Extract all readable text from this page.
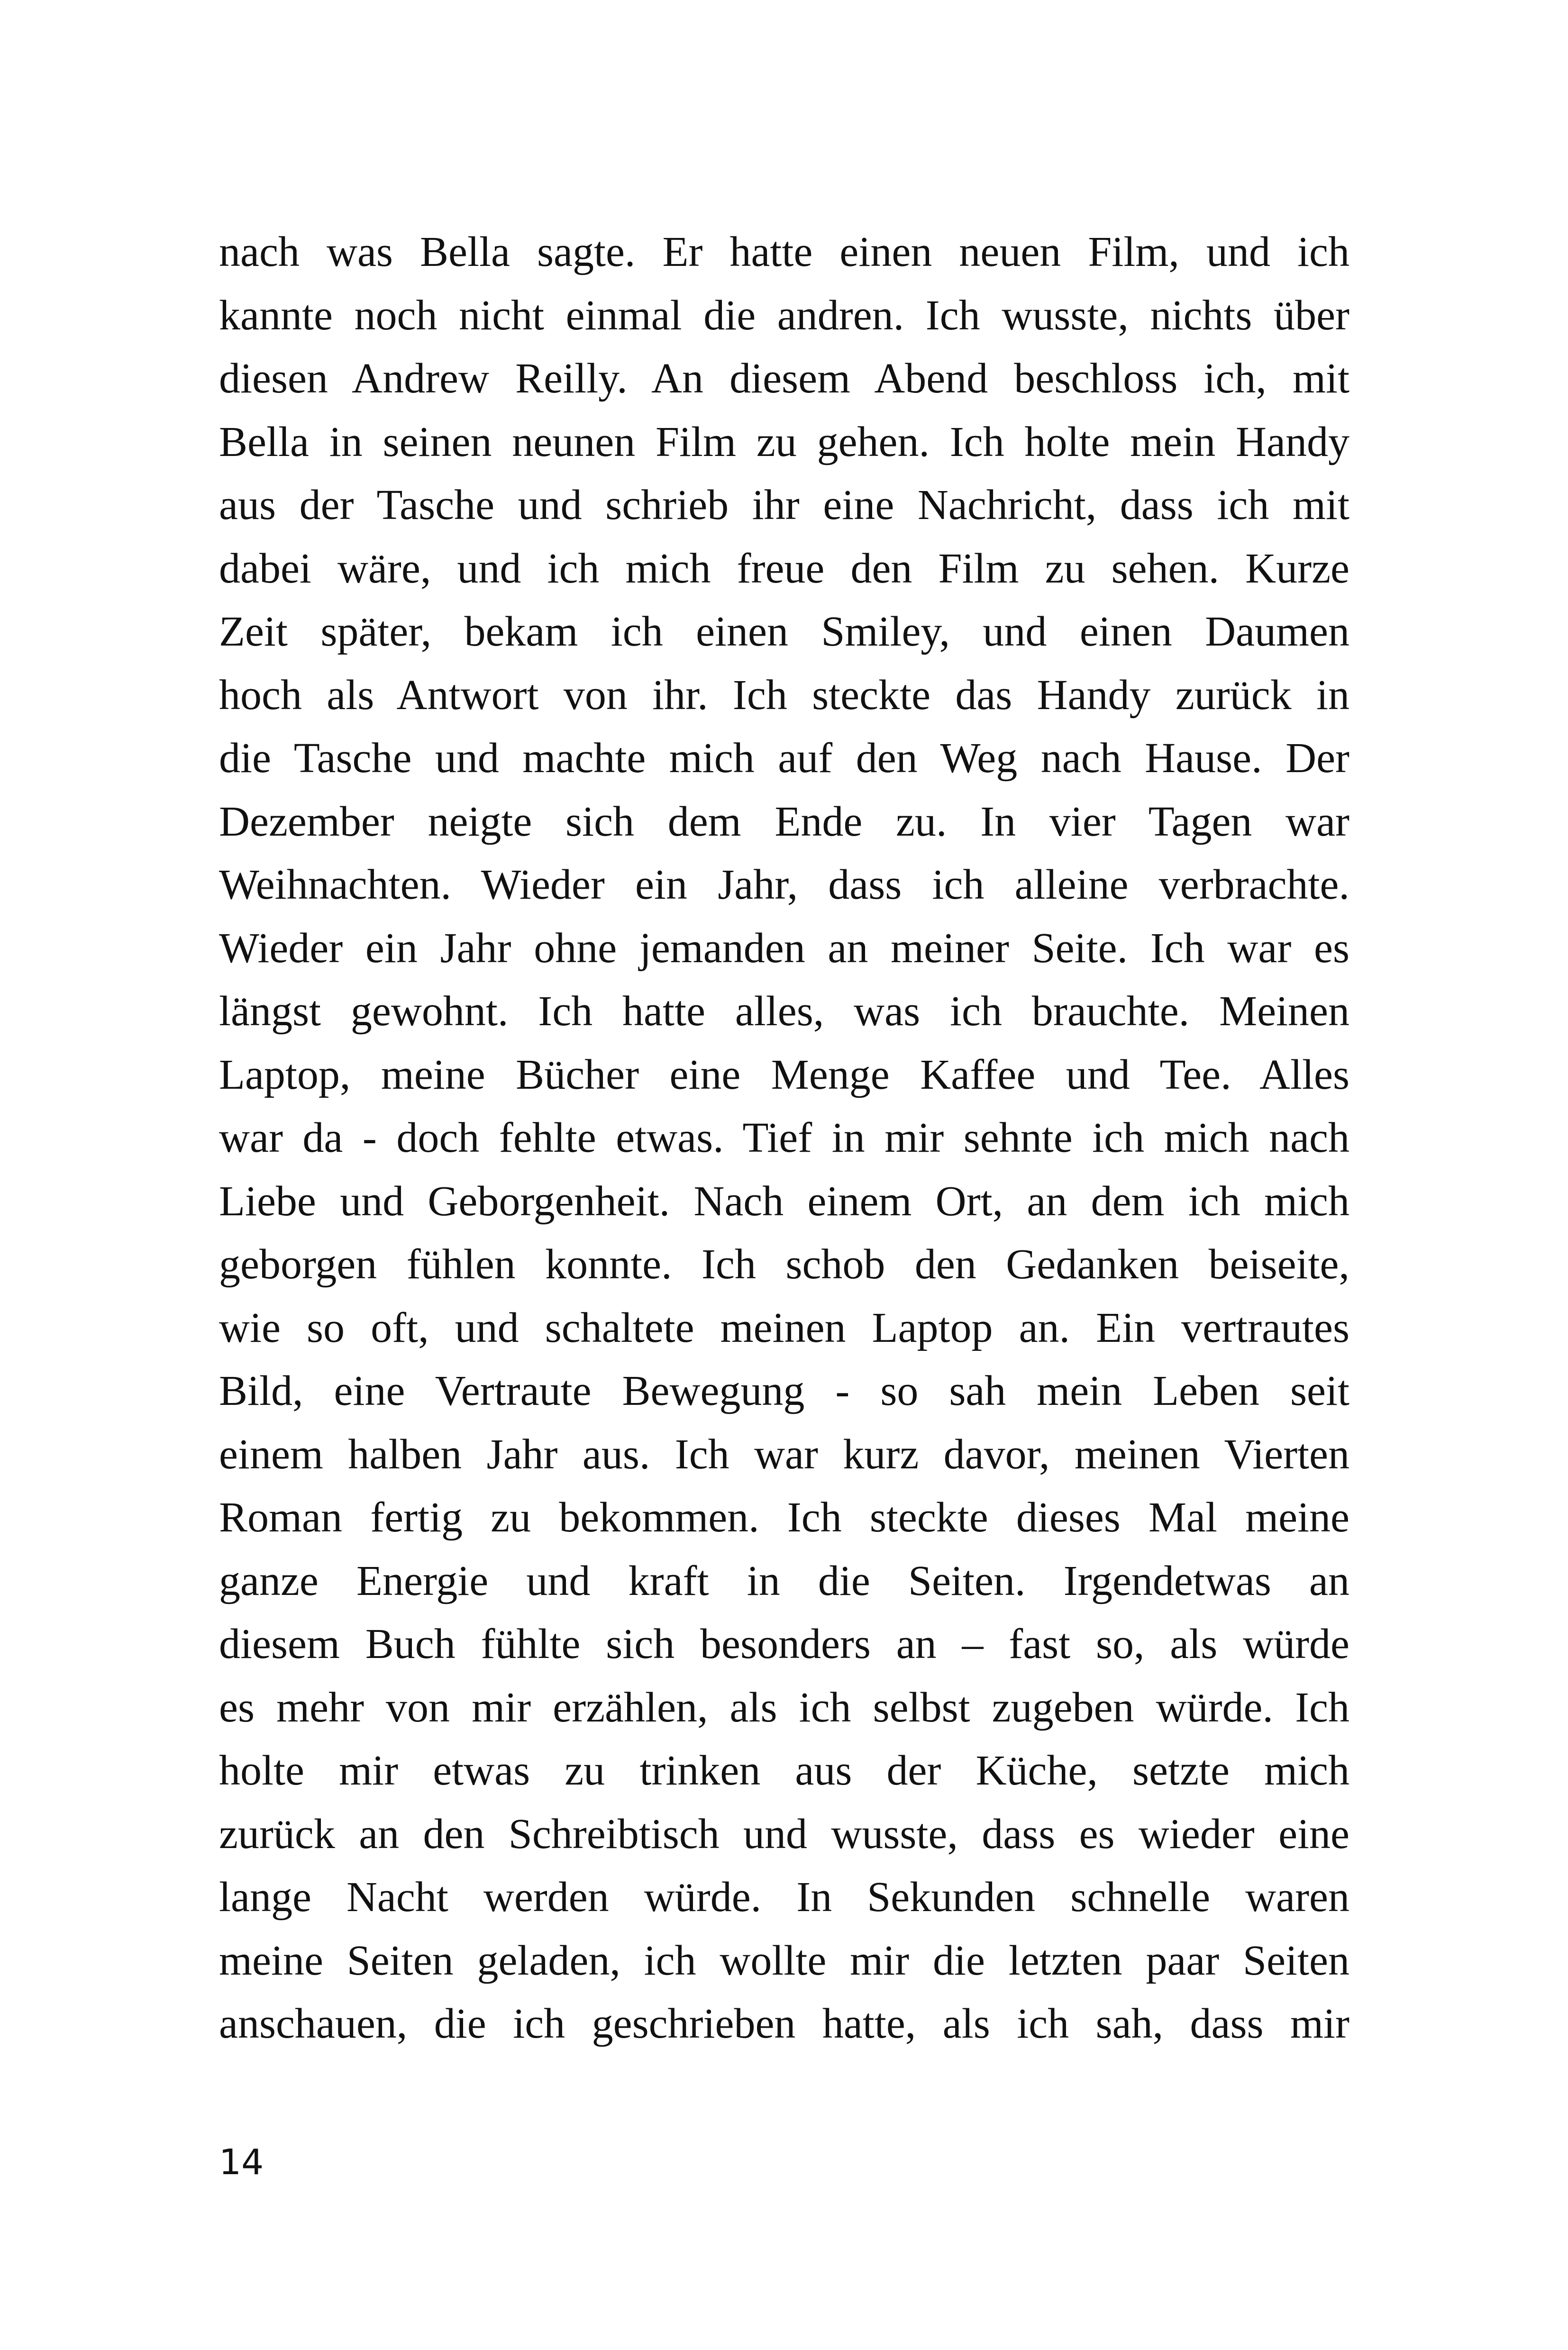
nach was Bella sagte. Er hatte einen neuen Film, und ich
kannte noch nicht einmal die andren. Ich wusste, nichts über
diesen Andrew Reilly. An diesem Abend beschloss ich, mit
Bella in seinen neunen Film zu gehen. Ich holte mein Handy
aus der Tasche und schrieb ihr eine Nachricht, dass ich mit
dabei wäre, und ich mich freue den Film zu sehen. Kurze
Zeit später, bekam ich einen Smiley, und einen Daumen
hoch als Antwort von ihr. Ich steckte das Handy zurück in
die Tasche und machte mich auf den Weg nach Hause. Der
Dezember neigte sich dem Ende zu. In vier Tagen war
Weihnachten. Wieder ein Jahr, dass ich alleine verbrachte.
Wieder ein Jahr ohne jemanden an meiner Seite. Ich war es
längst gewohnt. Ich hatte alles, was ich brauchte. Meinen
Laptop, meine Bücher eine Menge Kaffee und Tee. Alles
war da - doch fehlte etwas. Tief in mir sehnte ich mich nach
Liebe und Geborgenheit. Nach einem Ort, an dem ich mich
geborgen fühlen konnte. Ich schob den Gedanken beiseite,
wie so oft, und schaltete meinen Laptop an. Ein vertrautes
Bild, eine Vertraute Bewegung - so sah mein Leben seit
einem halben Jahr aus. Ich war kurz davor, meinen Vierten
Roman fertig zu bekommen. Ich steckte dieses Mal meine
ganze Energie und kraft in die Seiten. Irgendetwas an
diesem Buch fühlte sich besonders an – fast so, als würde
es mehr von mir erzählen, als ich selbst zugeben würde. Ich
holte mir etwas zu trinken aus der Küche, setzte mich
zurück an den Schreibtisch und wusste, dass es wieder eine
lange Nacht werden würde. In Sekunden schnelle waren
meine Seiten geladen, ich wollte mir die letzten paar Seiten
anschauen, die ich geschrieben hatte, als ich sah, dass mir
14
